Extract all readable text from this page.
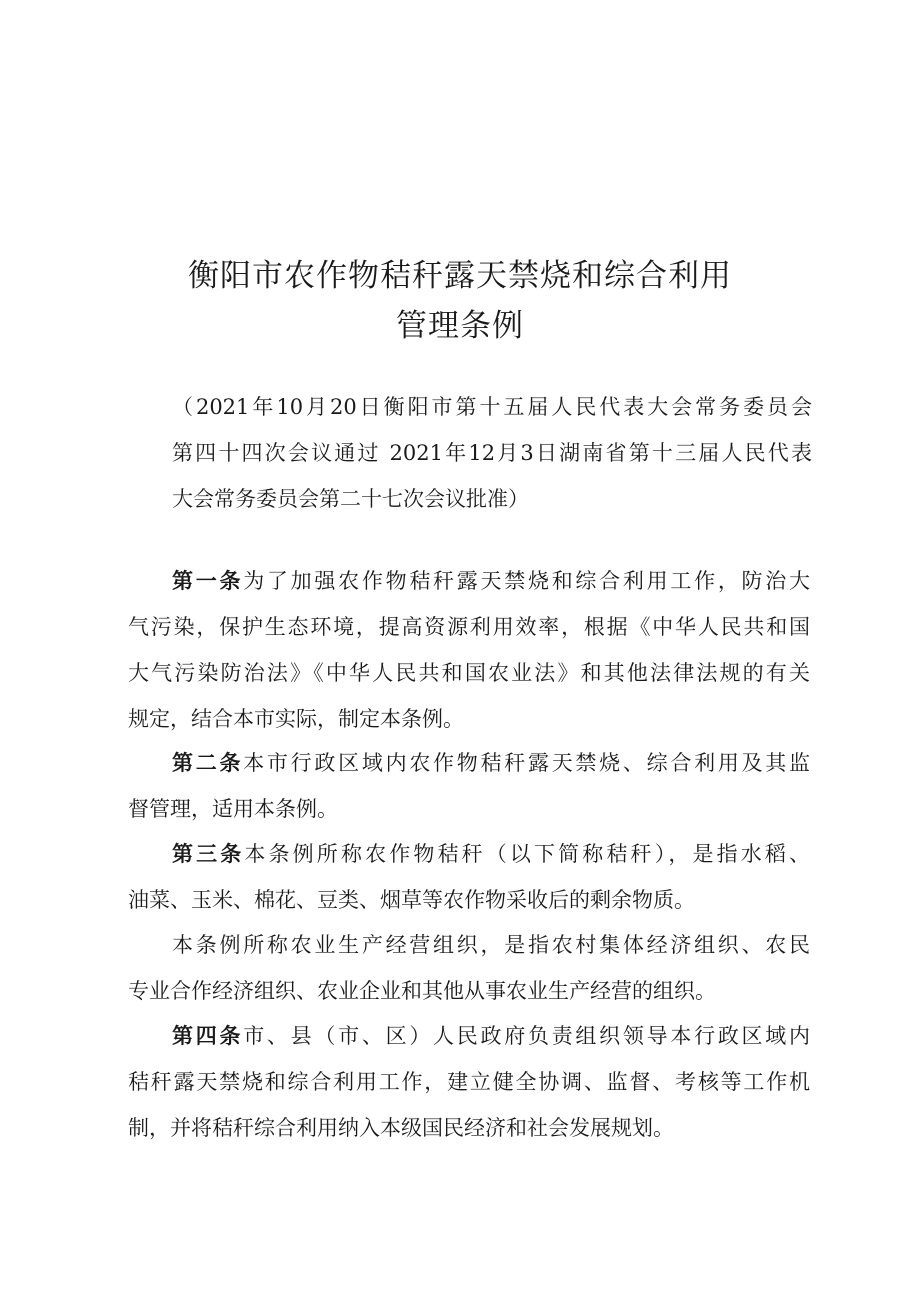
衡阳市农作物秸秆露天禁烧和综合利用
管理条例
（2021年10月20日衡阳市第十五届人民代表大会常务委员会
第四十四次会议通过 2021年12月3日湖南省第十三届人民代表
大会常务委员会第二十七次会议批准）
第一条为了加强农作物秸秆露天禁烧和综合利用工作，防治大
气污染，保护生态环境，提高资源利用效率，根据《中华人民共和国
大气污染防治法》《中华人民共和国农业法》和其他法律法规的有关
规定，结合本市实际，制定本条例。
第二条本市行政区域内农作物秸秆露天禁烧、综合利用及其监
督管理，适用本条例。
第三条本条例所称农作物秸秆（以下简称秸秆），是指水稻、
油菜、玉米、棉花、豆类、烟草等农作物采收后的剩余物质。
本条例所称农业生产经营组织，是指农村集体经济组织、农民
专业合作经济组织、农业企业和其他从事农业生产经营的组织。
第四条市、县（市、区）人民政府负责组织领导本行政区域内
秸秆露天禁烧和综合利用工作，建立健全协调、监督、考核等工作机
制，并将秸秆综合利用纳入本级国民经济和社会发展规划。
